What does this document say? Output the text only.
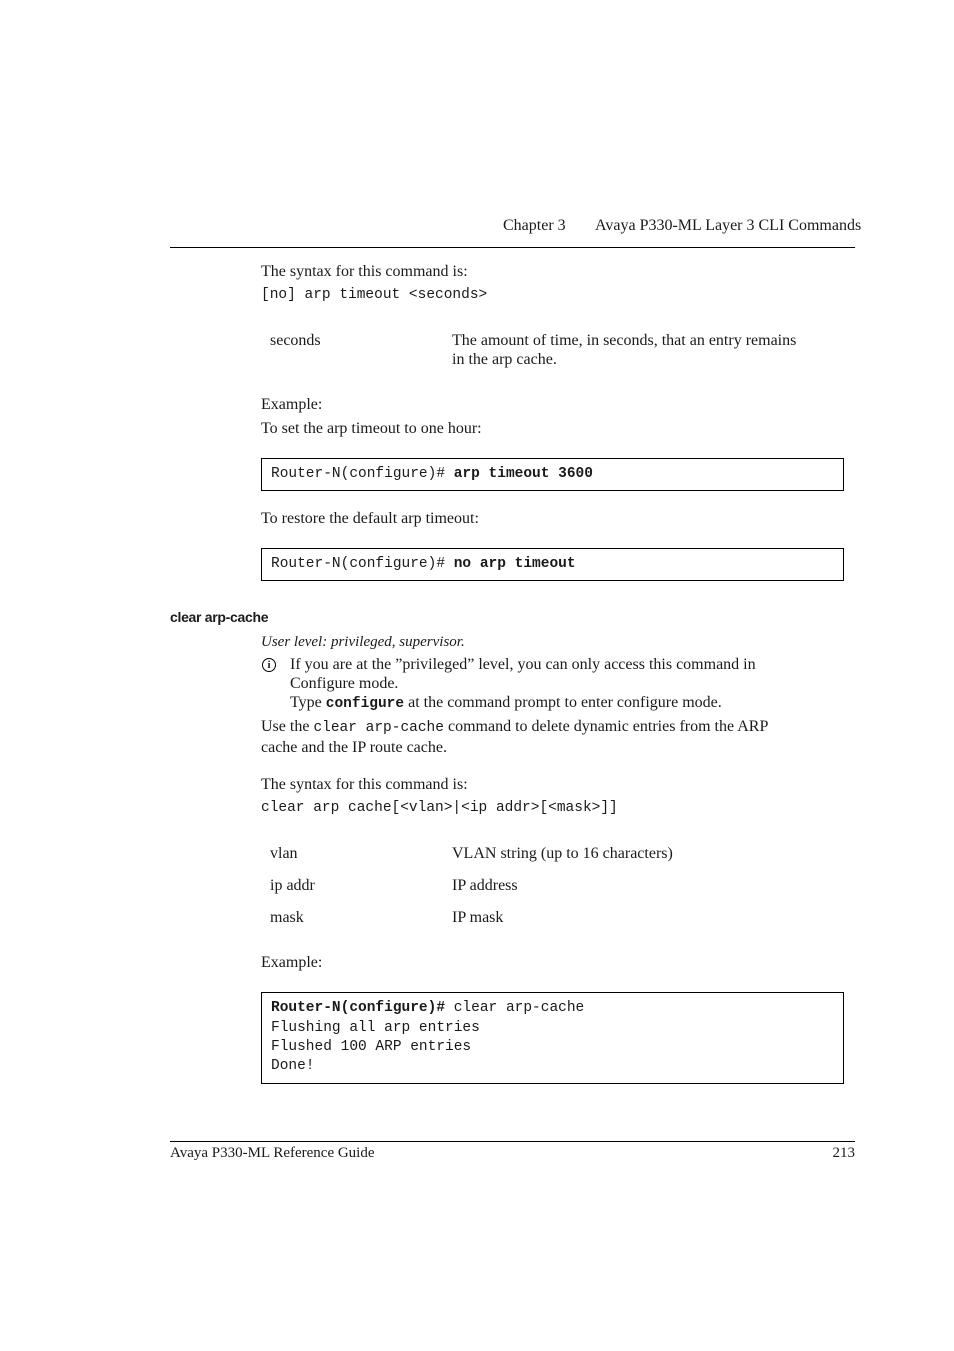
Chapter 3 Avaya P330-ML Layer 3 CLI Commands
The syntax for this command is:
[no] arp timeout <seconds>
seconds	The amount of time, in seconds, that an entry remains
in the arp cache.
Example:
To set the arp timeout to one hour:
Router-N(configure)# arp timeout 3600
To restore the default arp timeout:
Router-N(configure)# no arp timeout
clear arp-cache
User level: privileged, supervisor.
i	If you are at the ”privileged” level, you can only access this command in
Configure mode.
Type configure at the command prompt to enter configure mode.
Use the clear arp-cache command to delete dynamic entries from the ARP
cache and the IP route cache.
The syntax for this command is:
clear arp cache[<vlan>|<ip addr>[<mask>]]
vlan	VLAN string (up to 16 characters)
ip addr	IP address
mask	IP mask
Example:
Router-N(configure)# clear arp-cache
Flushing all arp entries
Flushed 100 ARP entries
Done!
Avaya P330-ML Reference Guide	213
